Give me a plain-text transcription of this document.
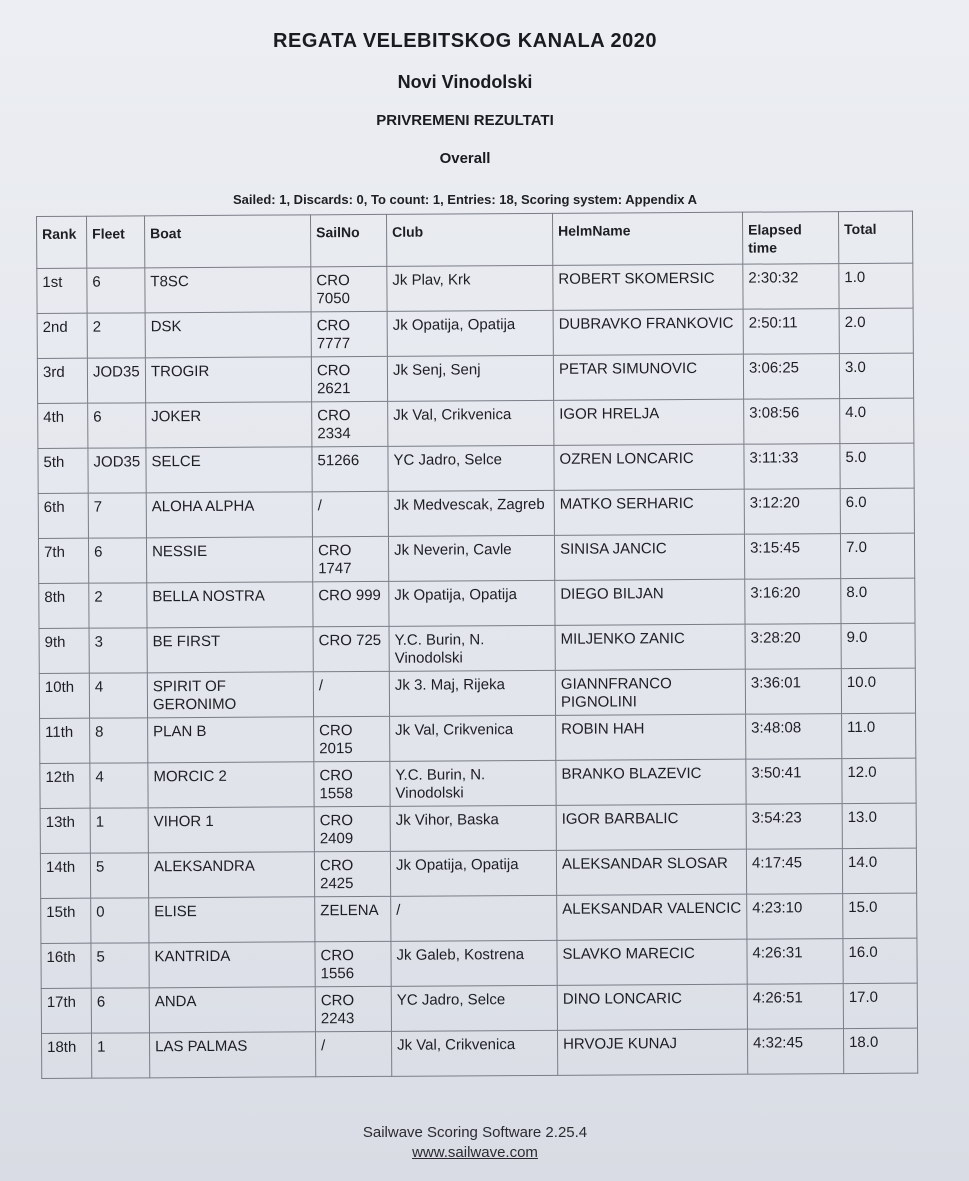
REGATA VELEBITSKOG KANALA 2020
Novi Vinodolski
PRIVREMENI REZULTATI
Overall
Sailed: 1, Discards: 0, To count: 1, Entries: 18, Scoring system: Appendix A
Rank	Fleet	Boat	SailNo	Club	HelmName	Elapsed time	Total
1st	6	T8SC	CRO 7050	Jk Plav, Krk	ROBERT SKOMERSIC	2:30:32	1.0
2nd	2	DSK	CRO 7777	Jk Opatija, Opatija	DUBRAVKO FRANKOVIC	2:50:11	2.0
3rd	JOD35	TROGIR	CRO 2621	Jk Senj, Senj	PETAR SIMUNOVIC	3:06:25	3.0
4th	6	JOKER	CRO 2334	Jk Val, Crikvenica	IGOR HRELJA	3:08:56	4.0
5th	JOD35	SELCE	51266	YC Jadro, Selce	OZREN LONCARIC	3:11:33	5.0
6th	7	ALOHA ALPHA	/	Jk Medvescak, Zagreb	MATKO SERHARIC	3:12:20	6.0
7th	6	NESSIE	CRO 1747	Jk Neverin, Cavle	SINISA JANCIC	3:15:45	7.0
8th	2	BELLA NOSTRA	CRO 999	Jk Opatija, Opatija	DIEGO BILJAN	3:16:20	8.0
9th	3	BE FIRST	CRO 725	Y.C. Burin, N. Vinodolski	MILJENKO ZANIC	3:28:20	9.0
10th	4	SPIRIT OF GERONIMO	/	Jk 3. Maj, Rijeka	GIANNFRANCO PIGNOLINI	3:36:01	10.0
11th	8	PLAN B	CRO 2015	Jk Val, Crikvenica	ROBIN HAH	3:48:08	11.0
12th	4	MORCIC 2	CRO 1558	Y.C. Burin, N. Vinodolski	BRANKO BLAZEVIC	3:50:41	12.0
13th	1	VIHOR 1	CRO 2409	Jk Vihor, Baska	IGOR BARBALIC	3:54:23	13.0
14th	5	ALEKSANDRA	CRO 2425	Jk Opatija, Opatija	ALEKSANDAR SLOSAR	4:17:45	14.0
15th	0	ELISE	ZELENA	/	ALEKSANDAR VALENCIC	4:23:10	15.0
16th	5	KANTRIDA	CRO 1556	Jk Galeb, Kostrena	SLAVKO MARECIC	4:26:31	16.0
17th	6	ANDA	CRO 2243	YC Jadro, Selce	DINO LONCARIC	4:26:51	17.0
18th	1	LAS PALMAS	/	Jk Val, Crikvenica	HRVOJE KUNAJ	4:32:45	18.0
Sailwave Scoring Software 2.25.4
www.sailwave.com
